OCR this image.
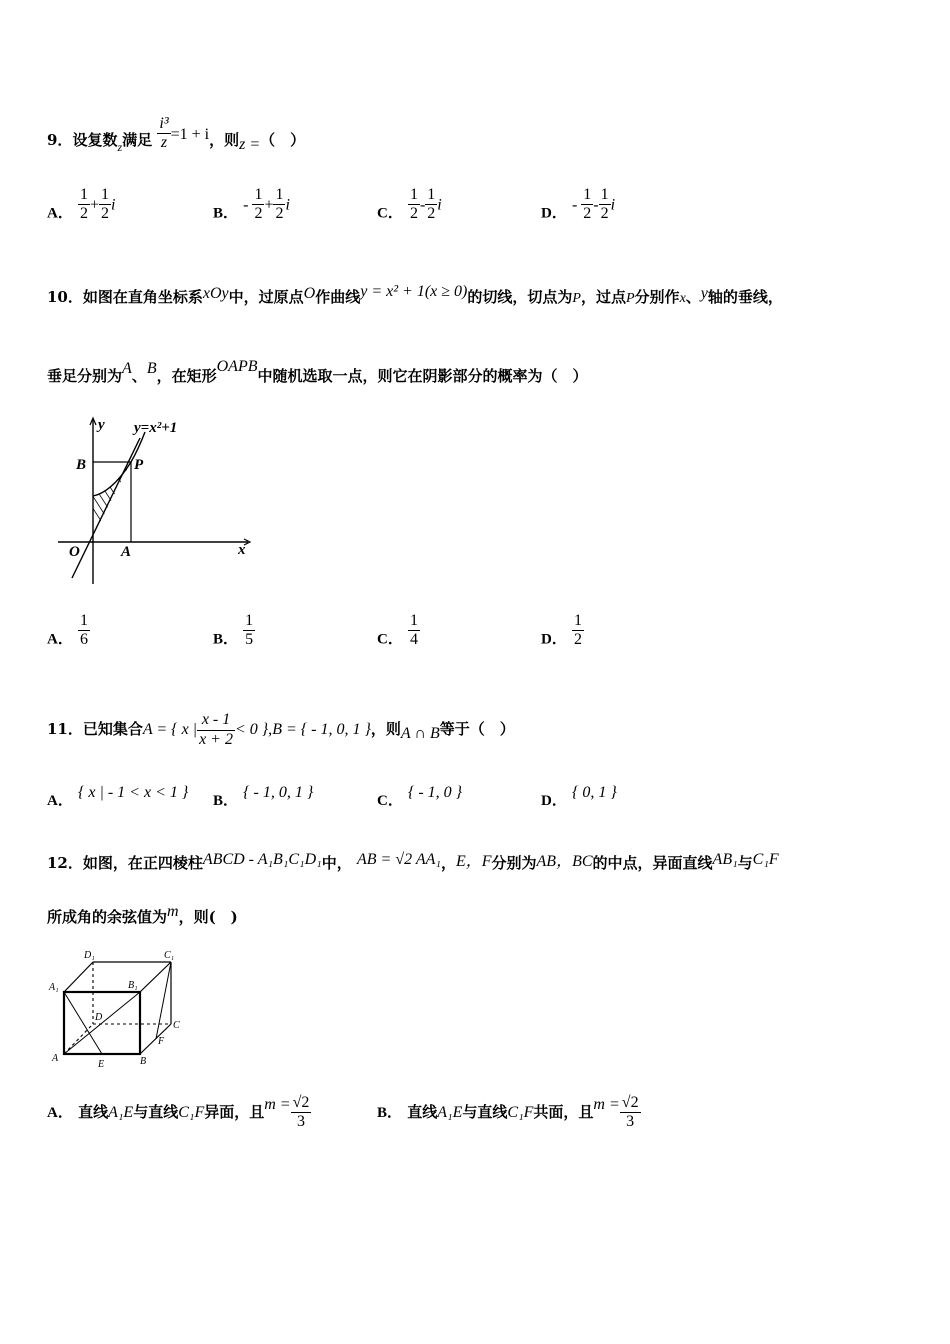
9．设复数$_z$满足 $\frac{\text{i³}}{z} =1 + i$，则z =（　）
A． $\frac{1}{2} + \frac{1}{2}$ i	B． - $\frac{1}{2} + \frac{1}{2}$ i	C． $\frac{1}{2} - \frac{1}{2}$ i	D． - $\frac{1}{2} - \frac{1}{2}$ i
10．如图在直角坐标系xOy中，过原点O作曲线y = x² + 1(x ≥ 0)的切线，切点为P，过点P分别作x、y轴的垂线，
垂足分别为A、B，在矩形OAPB中随机选取一点，则它在阴影部分的概率为（　）
y y=x²+1
B	P
O	A	x
A． $\frac{1}{6}$	B． $\frac{1}{5}$	C． $\frac{1}{4}$	D． $\frac{1}{2}$
11．已知集合A = { x | $\frac{x - 1}{x + 2} < 0$ },B = { - 1, 0, 1 }，则A ∩ B等于（　）
A． { x | - 1 < x < 1 } B． { - 1, 0, 1 }	C． { - 1, 0 }	D． { 0, 1 }
12．如图，在正四棱柱ABCD - A₁B₁C₁D₁中， AB = √2 AA₁，E，F分别为AB，BC的中点，异面直线AB₁与C₁F
所成角的余弦值为m，则(　)
D₁	C₁
A₁	B₁
D
C
F
A
E	B
A． 直线A₁E与直线C₁F异面，且$m = \frac{√2}{3}$	B． 直线A₁E与直线C₁F共面，且$m = \frac{√2}{3}$
